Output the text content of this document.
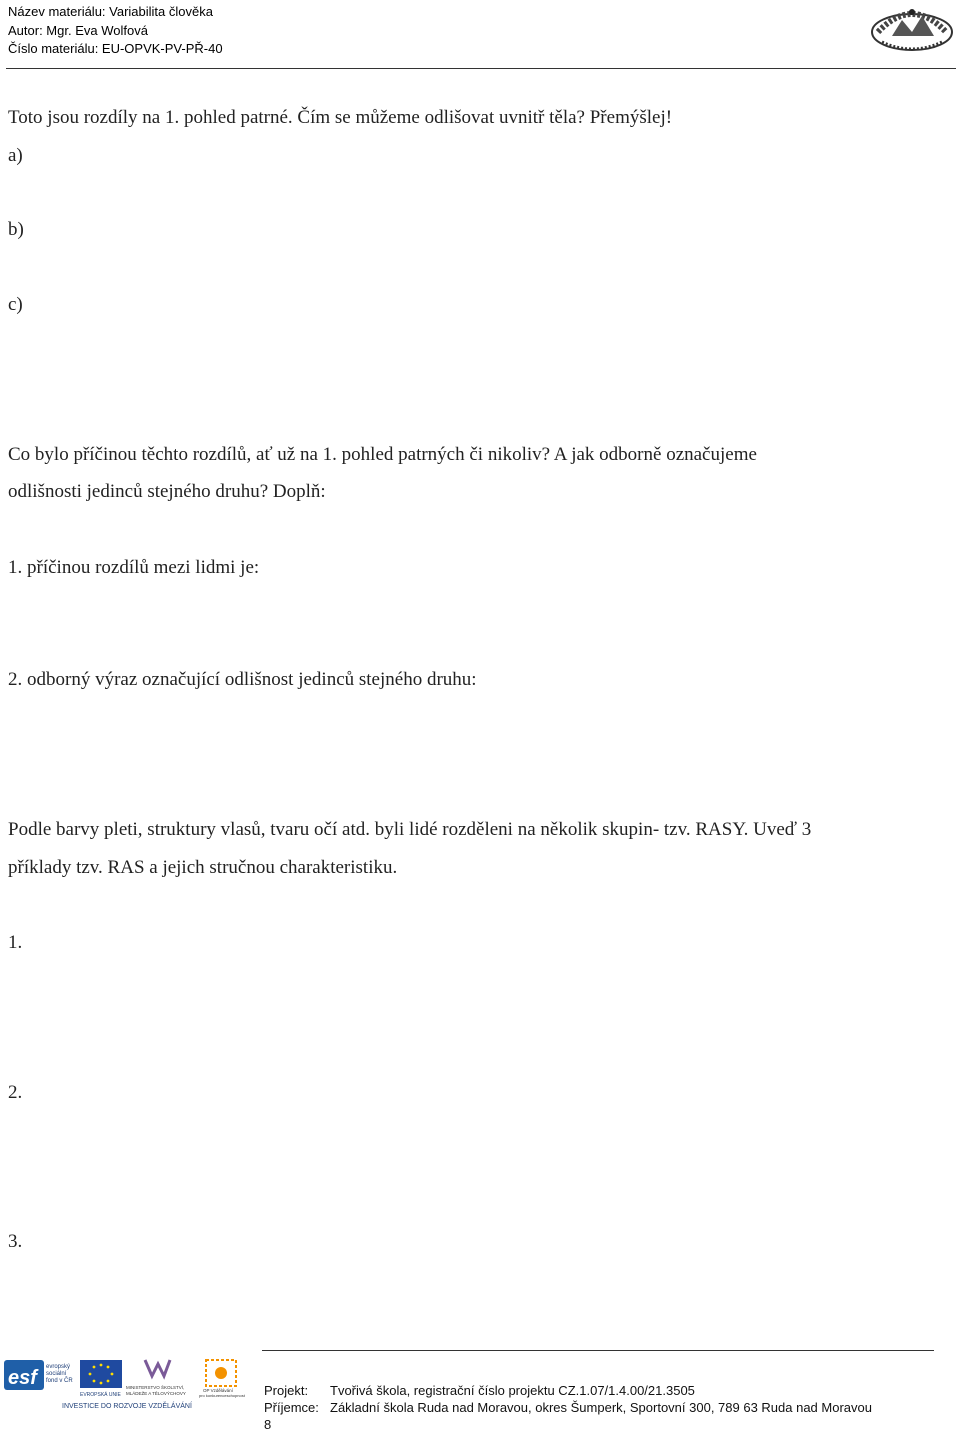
Název materiálu: Variabilita člověka
Autor: Mgr. Eva Wolfová
Číslo materiálu: EU-OPVK-PV-PŘ-40
Toto jsou rozdíly na 1. pohled patrné. Čím se můžeme odlišovat uvnitř těla? Přemýšlej!
a)
b)
c)
Co bylo příčinou těchto rozdílů, ať už na 1. pohled patrných či nikoliv? A jak odborně označujeme
odlišnosti jedinců stejného druhu? Doplň:
1. příčinou rozdílů mezi lidmi je:
2. odborný výraz označující odlišnost jedinců stejného druhu:
Podle barvy pleti, struktury vlasů, tvaru očí atd. byli lidé rozděleni na několik skupin- tzv. RASY. Uveď 3
příklady tzv. RAS a jejich stručnou charakteristiku.
1.
2.
3.
esf	evropský
sociální
fond v ČR
EVROPSKÁ UNIE
MINISTERSTVO ŠKOLSTVÍ,
MLÁDEŽE A TĚLOVÝCHOVY
OP Vzdělávání
pro konkurenceschopnost
INVESTICE DO ROZVOJE VZDĚLÁVÁNÍ
Projekt: Tvořivá škola, registrační číslo projektu CZ.1.07/1.4.00/21.3505
Příjemce: Základní škola Ruda nad Moravou, okres Šumperk, Sportovní 300, 789 63 Ruda nad Moravou
8
